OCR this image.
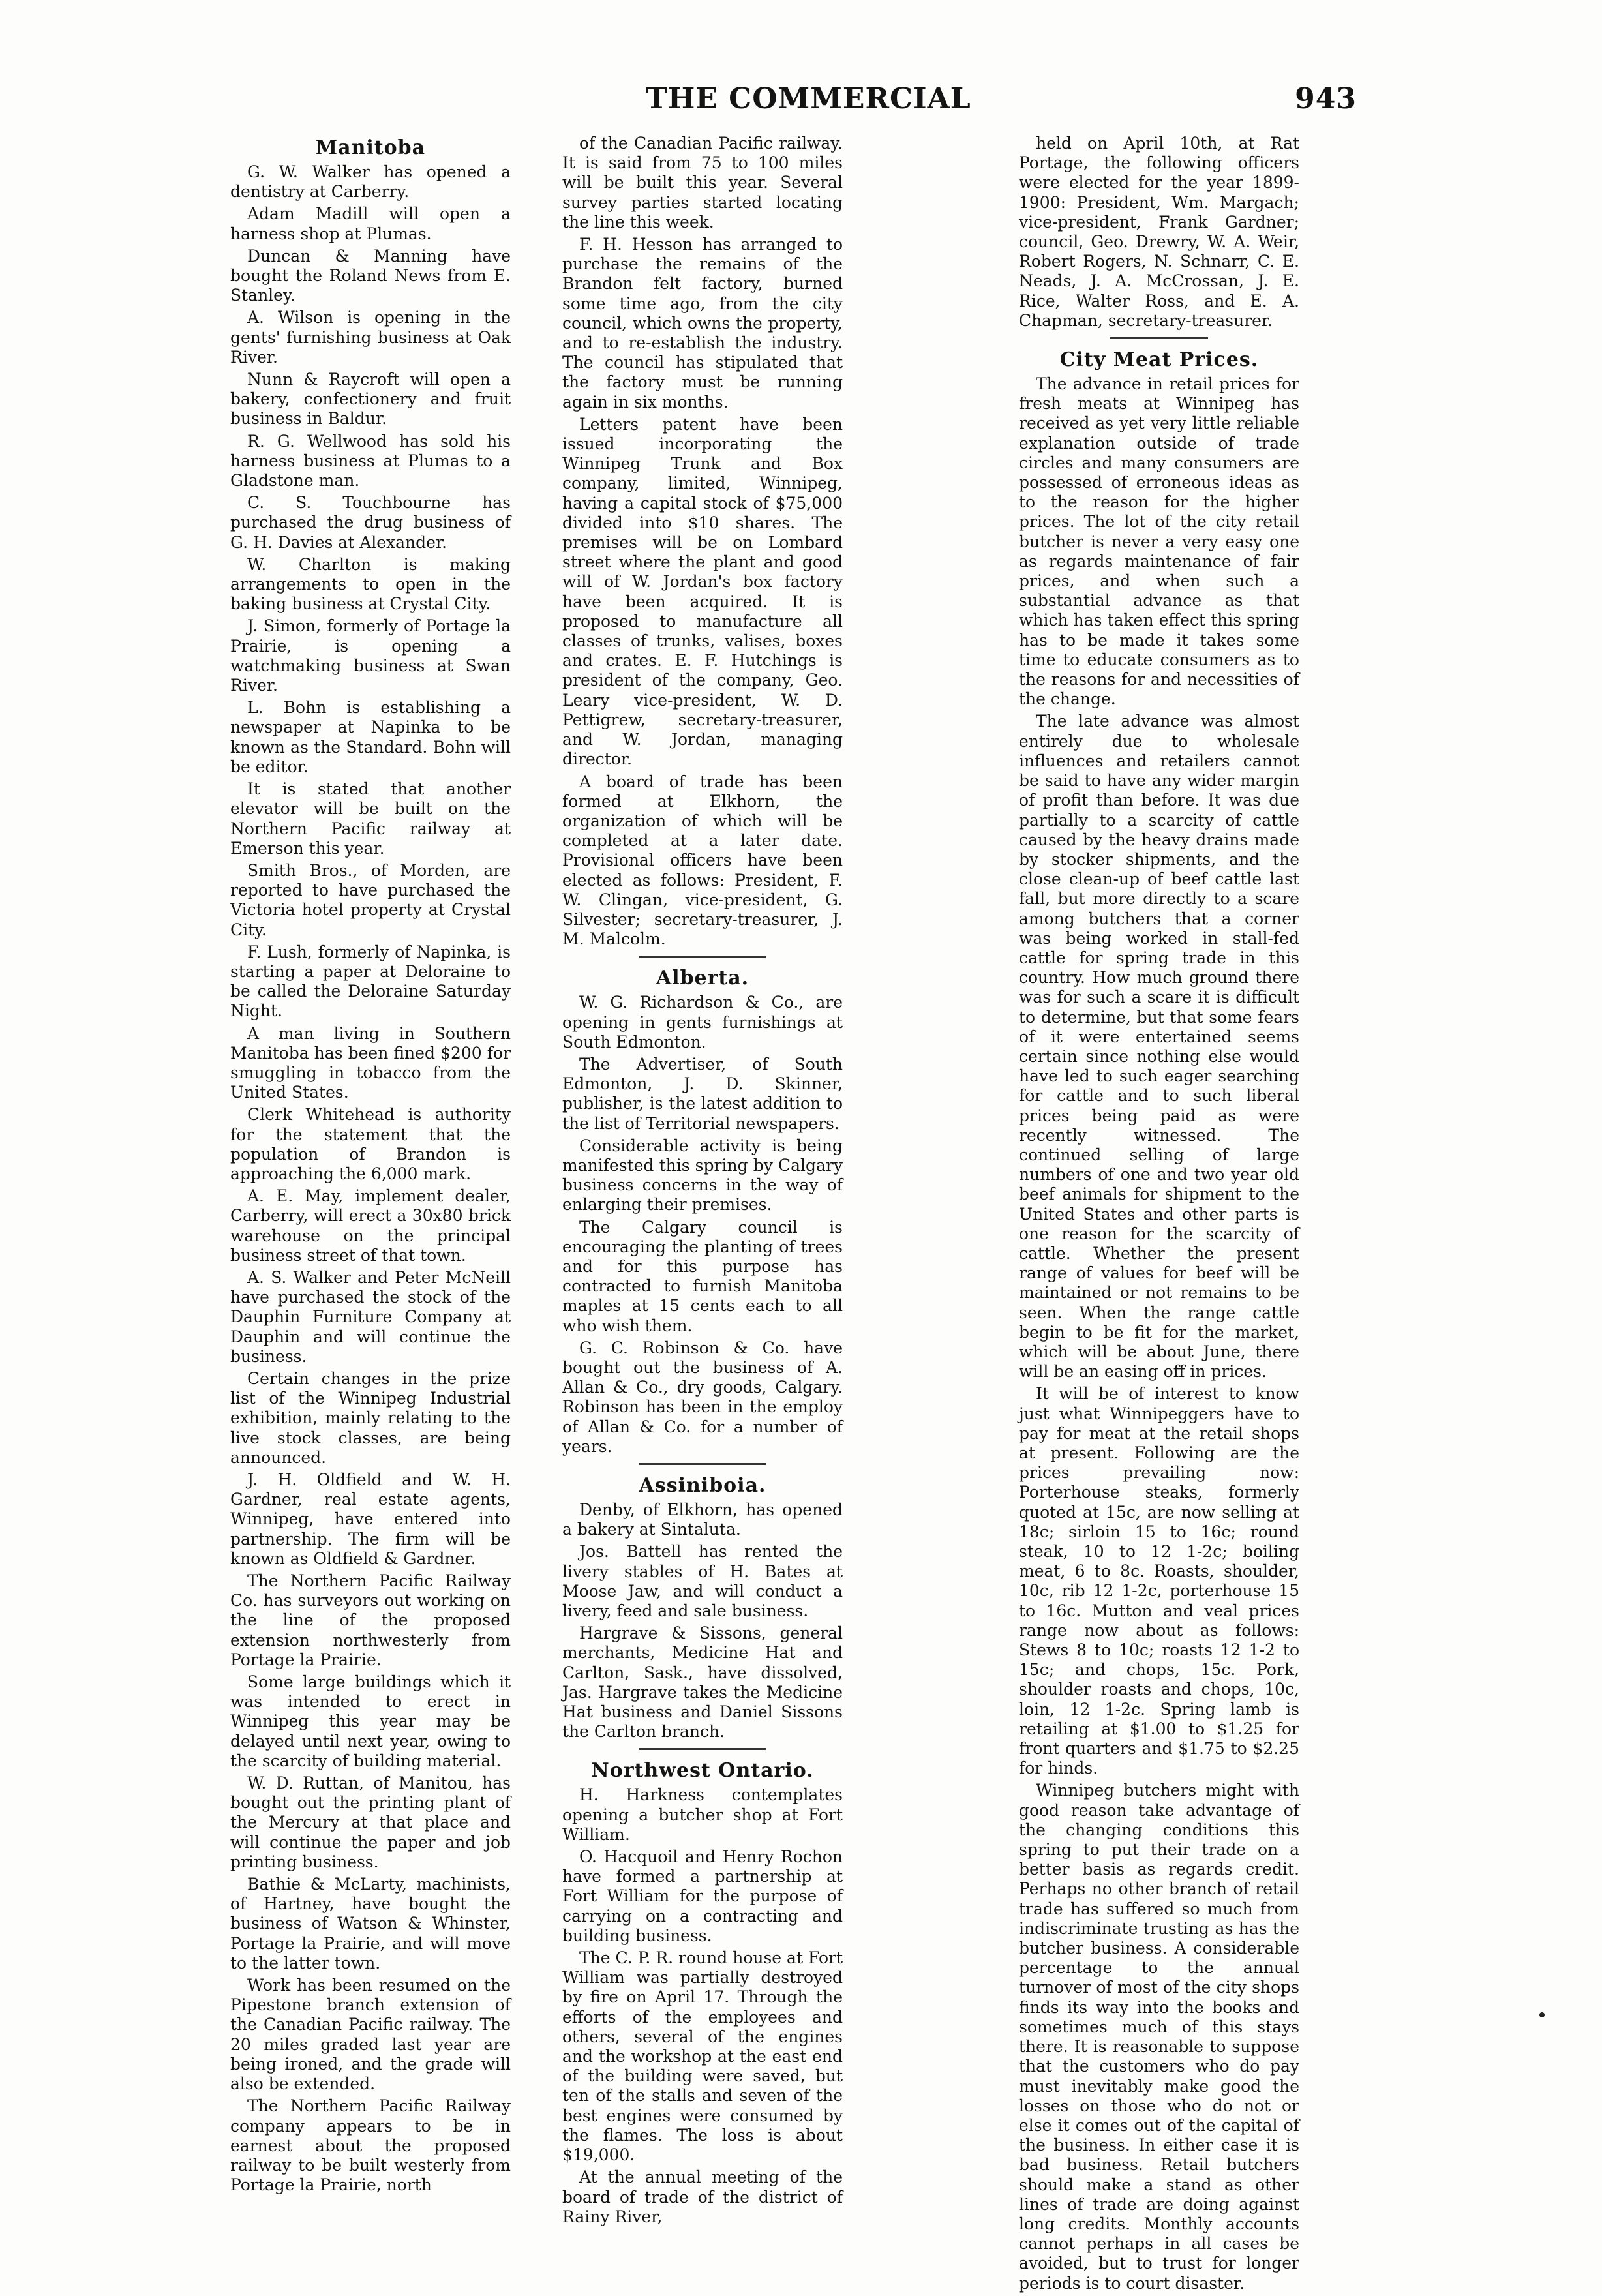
THE COMMERCIAL	943
Manitoba

G. W. Walker has opened a dentistry at Carberry.

Adam Madill will open a harness shop at Plumas.

Duncan & Manning have bought the Roland News from E. Stanley.

A. Wilson is opening in the gents' furnishing business at Oak River.

Nunn & Raycroft will open a bakery, confectionery and fruit business in Baldur.

R. G. Wellwood has sold his harness business at Plumas to a Gladstone man.

C. S. Touchbourne has purchased the drug business of G. H. Davies at Alexander.

W. Charlton is making arrangements to open in the baking business at Crystal City.

J. Simon, formerly of Portage la Prairie, is opening a watchmaking business at Swan River.

L. Bohn is establishing a newspaper at Napinka to be known as the Standard. Bohn will be editor.

It is stated that another elevator will be built on the Northern Pacific railway at Emerson this year.

Smith Bros., of Morden, are reported to have purchased the Victoria hotel property at Crystal City.

F. Lush, formerly of Napinka, is starting a paper at Deloraine to be called the Deloraine Saturday Night.

A man living in Southern Manitoba has been fined $200 for smuggling in tobacco from the United States.

Clerk Whitehead is authority for the statement that the population of Brandon is approaching the 6,000 mark.

A. E. May, implement dealer, Carberry, will erect a 30x80 brick warehouse on the principal business street of that town.

A. S. Walker and Peter McNeill have purchased the stock of the Dauphin Furniture Company at Dauphin and will continue the business.

Certain changes in the prize list of the Winnipeg Industrial exhibition, mainly relating to the live stock classes, are being announced.

J. H. Oldfield and W. H. Gardner, real estate agents, Winnipeg, have entered into partnership. The firm will be known as Oldfield & Gardner.

The Northern Pacific Railway Co. has surveyors out working on the line of the proposed extension northwesterly from Portage la Prairie.

Some large buildings which it was intended to erect in Winnipeg this year may be delayed until next year, owing to the scarcity of building material.

W. D. Ruttan, of Manitou, has bought out the printing plant of the Mercury at that place and will continue the paper and job printing business.

Bathie & McLarty, machinists, of Hartney, have bought the business of Watson & Whinster, Portage la Prairie, and will move to the latter town.

Work has been resumed on the Pipestone branch extension of the Canadian Pacific railway. The 20 miles graded last year are being ironed, and the grade will also be extended.

The Northern Pacific Railway company appears to be in earnest about the proposed railway to be built westerly from Portage la Prairie, north

of the Canadian Pacific railway. It is said from 75 to 100 miles will be built this year. Several survey parties started locating the line this week.

F. H. Hesson has arranged to purchase the remains of the Brandon felt factory, burned some time ago, from the city council, which owns the property, and to re-establish the industry. The council has stipulated that the factory must be running again in six months.

Letters patent have been issued incorporating the Winnipeg Trunk and Box company, limited, Winnipeg, having a capital stock of $75,000 divided into $10 shares. The premises will be on Lombard street where the plant and good will of W. Jordan's box factory have been acquired. It is proposed to manufacture all classes of trunks, valises, boxes and crates. E. F. Hutchings is president of the company, Geo. Leary vice-president, W. D. Pettigrew, secretary-treasurer, and W. Jordan, managing director.

A board of trade has been formed at Elkhorn, the organization of which will be completed at a later date. Provisional officers have been elected as follows: President, F. W. Clingan, vice-president, G. Silvester; secretary-treasurer, J. M. Malcolm.

Alberta.

W. G. Richardson & Co., are opening in gents furnishings at South Edmonton.

The Advertiser, of South Edmonton, J. D. Skinner, publisher, is the latest addition to the list of Territorial newspapers.

Considerable activity is being manifested this spring by Calgary business concerns in the way of enlarging their premises.

The Calgary council is encouraging the planting of trees and for this purpose has contracted to furnish Manitoba maples at 15 cents each to all who wish them.

G. C. Robinson & Co. have bought out the business of A. Allan & Co., dry goods, Calgary. Robinson has been in the employ of Allan & Co. for a number of years.

Assiniboia.

Denby, of Elkhorn, has opened a bakery at Sintaluta.

Jos. Battell has rented the livery stables of H. Bates at Moose Jaw, and will conduct a livery, feed and sale business.

Hargrave & Sissons, general merchants, Medicine Hat and Carlton, Sask., have dissolved, Jas. Hargrave takes the Medicine Hat business and Daniel Sissons the Carlton branch.

Northwest Ontario.

H. Harkness contemplates opening a butcher shop at Fort William.

O. Hacquoil and Henry Rochon have formed a partnership at Fort William for the purpose of carrying on a contracting and building business.

The C. P. R. round house at Fort William was partially destroyed by fire on April 17. Through the efforts of the employees and others, several of the engines and the workshop at the east end of the building were saved, but ten of the stalls and seven of the best engines were consumed by the flames. The loss is about $19,000.

At the annual meeting of the board of trade of the district of Rainy River,

held on April 10th, at Rat Portage, the following officers were elected for the year 1899-1900: President, Wm. Margach; vice-president, Frank Gardner; council, Geo. Drewry, W. A. Weir, Robert Rogers, N. Schnarr, C. E. Neads, J. A. McCrossan, J. E. Rice, Walter Ross, and E. A. Chapman, secretary-treasurer.

City Meat Prices.

The advance in retail prices for fresh meats at Winnipeg has received as yet very little reliable explanation outside of trade circles and many consumers are possessed of erroneous ideas as to the reason for the higher prices. The lot of the city retail butcher is never a very easy one as regards maintenance of fair prices, and when such a substantial advance as that which has taken effect this spring has to be made it takes some time to educate consumers as to the reasons for and necessities of the change.

The late advance was almost entirely due to wholesale influences and retailers cannot be said to have any wider margin of profit than before. It was due partially to a scarcity of cattle caused by the heavy drains made by stocker shipments, and the close clean-up of beef cattle last fall, but more directly to a scare among butchers that a corner was being worked in stall-fed cattle for spring trade in this country. How much ground there was for such a scare it is difficult to determine, but that some fears of it were entertained seems certain since nothing else would have led to such eager searching for cattle and to such liberal prices being paid as were recently witnessed. The continued selling of large numbers of one and two year old beef animals for shipment to the United States and other parts is one reason for the scarcity of cattle. Whether the present range of values for beef will be maintained or not remains to be seen. When the range cattle begin to be fit for the market, which will be about June, there will be an easing off in prices.

It will be of interest to know just what Winnipeggers have to pay for meat at the retail shops at present. Following are the prices prevailing now: Porterhouse steaks, formerly quoted at 15c, are now selling at 18c; sirloin 15 to 16c; round steak, 10 to 12 1-2c; boiling meat, 6 to 8c. Roasts, shoulder, 10c, rib 12 1-2c, porterhouse 15 to 16c. Mutton and veal prices range now about as follows: Stews 8 to 10c; roasts 12 1-2 to 15c; and chops, 15c. Pork, shoulder roasts and chops, 10c, loin, 12 1-2c. Spring lamb is retailing at $1.00 to $1.25 for front quarters and $1.75 to $2.25 for hinds.

Winnipeg butchers might with good reason take advantage of the changing conditions this spring to put their trade on a better basis as regards credit. Perhaps no other branch of retail trade has suffered so much from indiscriminate trusting as has the butcher business. A considerable percentage to the annual turnover of most of the city shops finds its way into the books and sometimes much of this stays there. It is reasonable to suppose that the customers who do pay must inevitably make good the losses on those who do not or else it comes out of the capital of the business. In either case it is bad business. Retail butchers should make a stand as other lines of trade are doing against long credits. Monthly accounts cannot perhaps in all cases be avoided, but to trust for longer periods is to court disaster.
